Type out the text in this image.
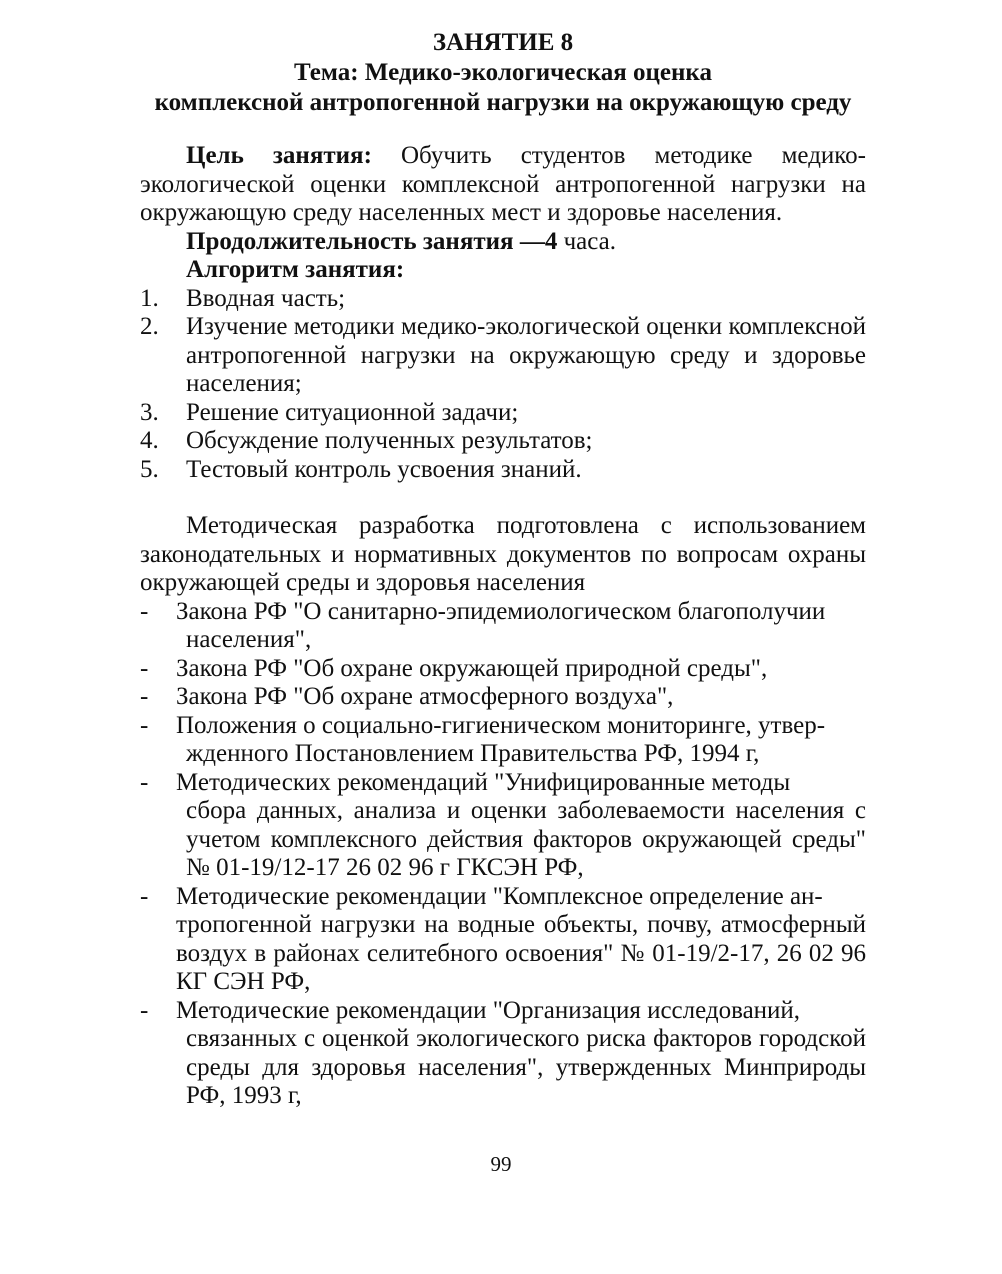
ЗАНЯТИЕ 8

Тема: Медико-экологическая оценка

комплексной антропогенной нагрузки на окружающую среду

Цель занятия: Обучить студентов методике медико-экологической оценки комплексной антропогенной нагрузки на окружающую среду населенных мест и здоровье населения.

Продолжительность занятия —4 часа.

Алгоритм занятия:

1. Вводная часть;
2. Изучение методики медико-экологической оценки комплексной антропогенной нагрузки на окружающую среду и здоровье населения;
3. Решение ситуационной задачи;
4. Обсуждение полученных результатов;
5. Тестовый контроль усвоения знаний.

Методическая разработка подготовлена с использованием законодательных и нормативных документов по вопросам охраны окружающей среды и здоровья населения

- Закона РФ "О санитарно-эпидемиологическом благополучии
населения",
- Закона РФ "Об охране окружающей природной среды",
- Закона РФ "Об охране атмосферного воздуха",
- Положения о социально-гигиеническом мониторинге, утвер-
жденного Постановлением Правительства РФ, 1994 г,
- Методических рекомендаций "Унифицированные методы
сбора данных, анализа и оценки заболеваемости населения с учетом комплексного действия факторов окружающей среды" № 01-19/12-17 26 02 96 г ГКСЭН РФ,
- Методические рекомендации "Комплексное определение ан-
тропогенной нагрузки на водные объекты, почву, атмосферный воздух в районах селитебного освоения" № 01-19/2-17, 26 02 96 КГ СЭН РФ,
- Методические рекомендации "Организация исследований,
связанных с оценкой экологического риска факторов городской среды для здоровья населения", утвержденных Минприроды РФ, 1993 г,
99
